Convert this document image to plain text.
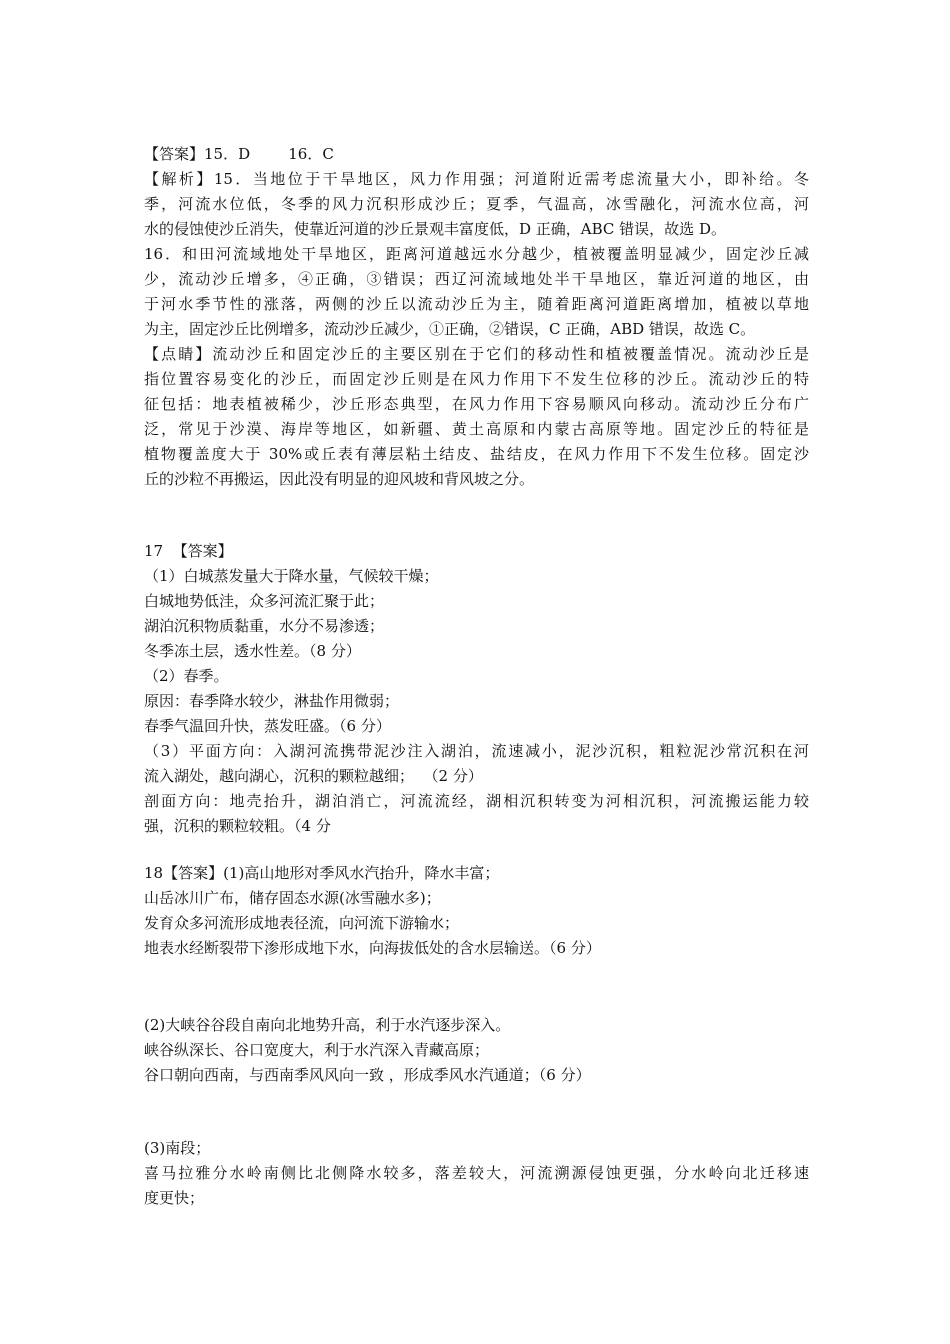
【答案】15．D        16．C
【解析】15．当地位于干旱地区，风力作用强；河道附近需考虑流量大小，即补给。冬
季，河流水位低，冬季的风力沉积形成沙丘；夏季，气温高，冰雪融化，河流水位高，河
水的侵蚀使沙丘消失，使靠近河道的沙丘景观丰富度低，D 正确，ABC 错误，故选 D。
16．和田河流域地处干旱地区，距离河道越远水分越少，植被覆盖明显减少，固定沙丘减
少，流动沙丘增多，④正确，③错误；西辽河流域地处半干旱地区，靠近河道的地区，由
于河水季节性的涨落，两侧的沙丘以流动沙丘为主，随着距离河道距离增加，植被以草地
为主，固定沙丘比例增多，流动沙丘减少，①正确，②错误，C 正确，ABD 错误，故选 C。
【点睛】流动沙丘和固定沙丘的主要区别在于它们的移动性和植被覆盖情况。流动沙丘是
指位置容易变化的沙丘，而固定沙丘则是在风力作用下不发生位移的沙丘。流动沙丘的特
征包括：地表植被稀少，沙丘形态典型，在风力作用下容易顺风向移动。流动沙丘分布广
泛，常见于沙漠、海岸等地区，如新疆、黄土高原和内蒙古高原等地。固定沙丘的特征是
植物覆盖度大于 30%或丘表有薄层粘土结皮、盐结皮，在风力作用下不发生位移。固定沙
丘的沙粒不再搬运，因此没有明显的迎风坡和背风坡之分。
17  【答案】
（1）白城蒸发量大于降水量，气候较干燥；
白城地势低洼，众多河流汇聚于此；
湖泊沉积物质黏重，水分不易渗透；
冬季冻土层，透水性差。（8 分）
（2）春季。
原因：春季降水较少，淋盐作用微弱；
春季气温回升快，蒸发旺盛。（6 分）
（3）平面方向：入湖河流携带泥沙注入湖泊，流速减小，泥沙沉积，粗粒泥沙常沉积在河
流入湖处，越向湖心，沉积的颗粒越细；  （2 分）
剖面方向：地壳抬升，湖泊消亡，河流流经，湖相沉积转变为河相沉积，河流搬运能力较
强，沉积的颗粒较粗。（4 分
18【答案】(1)高山地形对季风水汽抬升，降水丰富；
山岳冰川广布，储存固态水源(冰雪融水多)；
发育众多河流形成地表径流，向河流下游输水；
地表水经断裂带下渗形成地下水，向海拔低处的含水层输送。（6 分）
(2)大峡谷谷段自南向北地势升高，利于水汽逐步深入。
峡谷纵深长、谷口宽度大，利于水汽深入青藏高原；
谷口朝向西南，与西南季风风向一致 ，形成季风水汽通道；（6 分）
(3)南段；
喜马拉雅分水岭南侧比北侧降水较多，落差较大，河流溯源侵蚀更强，分水岭向北迁移速
度更快；
